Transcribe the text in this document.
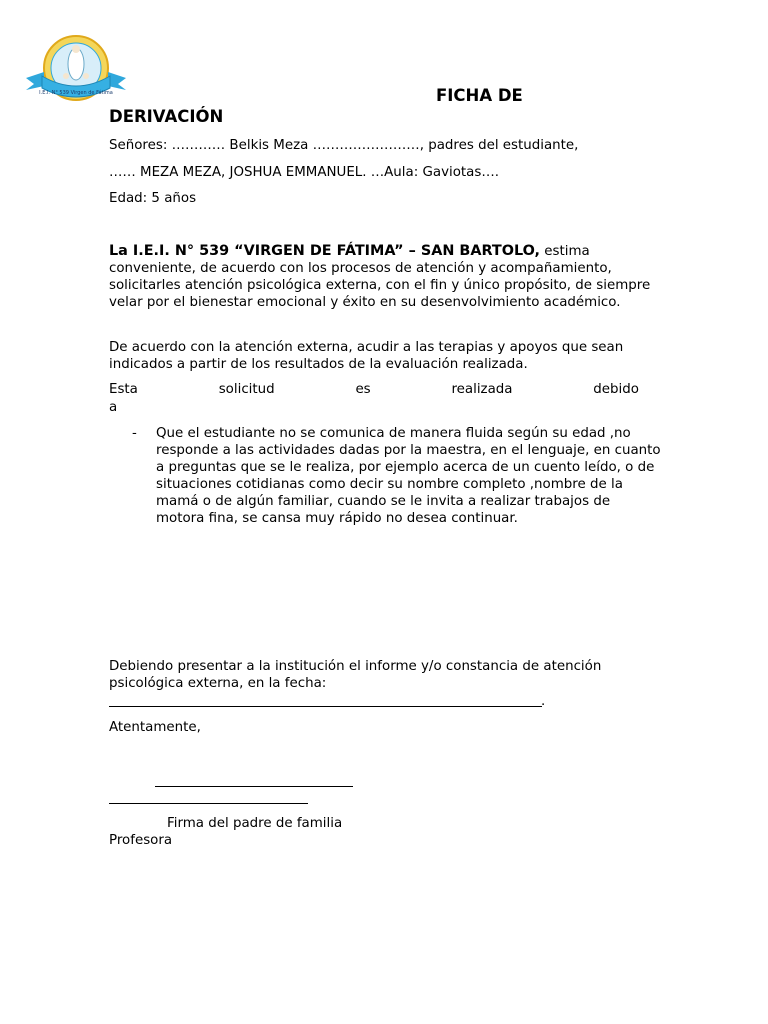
I.E.I. N° 539 Virgen de Fátima	FICHA DE
DERIVACIÓN
Señores: ………… Belkis Meza ……………………, padres del estudiante,
…… MEZA MEZA, JOSHUA EMMANUEL. …Aula: Gaviotas….
Edad: 5 años
La I.E.I. N° 539 “VIRGEN DE FÁTIMA” – SAN BARTOLO, estima conveniente, de acuerdo con los procesos de atención y acompañamiento, solicitarles atención psicológica externa, con el fin y único propósito, de siempre velar por el bienestar emocional y éxito en su desenvolvimiento académico.
De acuerdo con la atención externa, acudir a las terapias y apoyos que sean indicados a partir de los resultados de la evaluación realizada.
Esta	solicitud	es	realizada	debido
a
- Que el estudiante no se comunica de manera fluida según su edad ,no responde a las actividades dadas por la maestra, en el lenguaje, en cuanto a preguntas que se le realiza, por ejemplo acerca de un cuento leído, o de situaciones cotidianas como decir su nombre completo ,nombre de la mamá o de algún familiar, cuando se le invita a realizar trabajos de motora fina, se cansa muy rápido no desea continuar.
Debiendo presentar a la institución el informe y/o constancia de atención psicológica externa, en la fecha:
.
Atentamente,
Firma del padre de familia
Profesora
